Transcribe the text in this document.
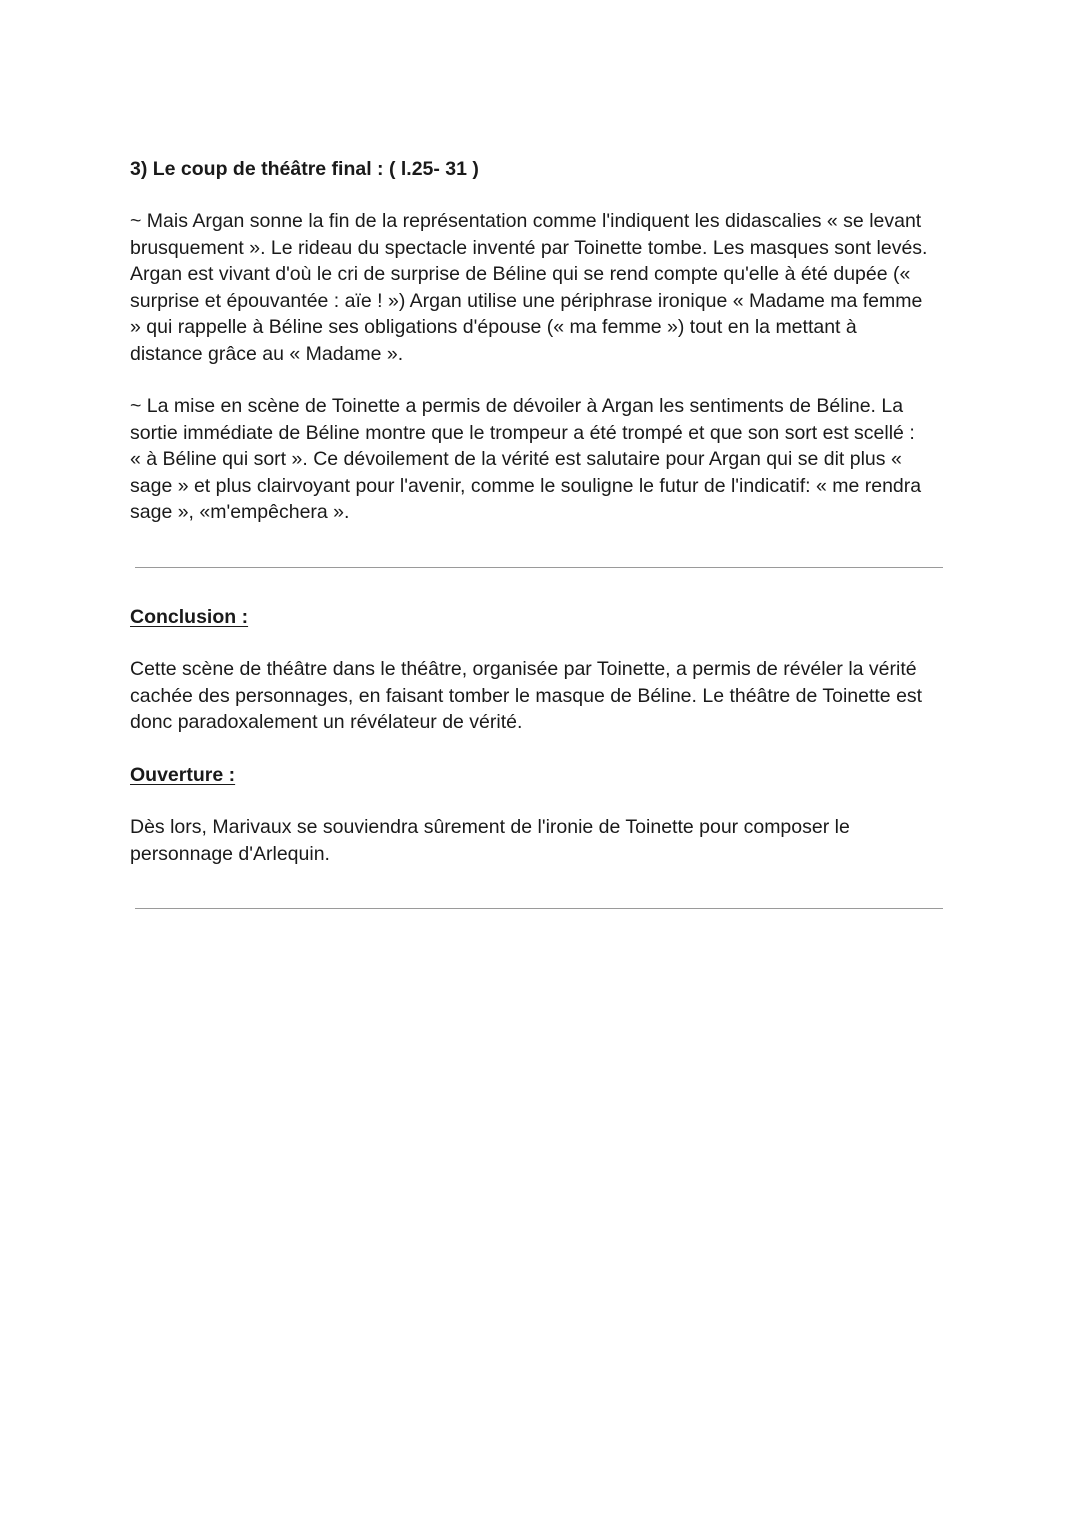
3) Le coup de théâtre final : ( l.25- 31 )
~ Mais Argan sonne la fin de la représentation comme l'indiquent les didascalies « se levant
brusquement ». Le rideau du spectacle inventé par Toinette tombe. Les masques sont levés.
Argan est vivant d'où le cri de surprise de Béline qui se rend compte qu'elle à été dupée («
surprise et épouvantée : aïe ! ») Argan utilise une périphrase ironique « Madame ma femme
» qui rappelle à Béline ses obligations d'épouse (« ma femme ») tout en la mettant à
distance grâce au « Madame ».
~ La mise en scène de Toinette a permis de dévoiler à Argan les sentiments de Béline. La
sortie immédiate de Béline montre que le trompeur a été trompé et que son sort est scellé :
« à Béline qui sort ». Ce dévoilement de la vérité est salutaire pour Argan qui se dit plus «
sage » et plus clairvoyant pour l'avenir, comme le souligne le futur de l'indicatif: « me rendra
sage », «m'empêchera ».
Conclusion :
Cette scène de théâtre dans le théâtre, organisée par Toinette, a permis de révéler la vérité
cachée des personnages, en faisant tomber le masque de Béline. Le théâtre de Toinette est
donc paradoxalement un révélateur de vérité.
Ouverture :
Dès lors, Marivaux se souviendra sûrement de l'ironie de Toinette pour composer le
personnage d'Arlequin.
